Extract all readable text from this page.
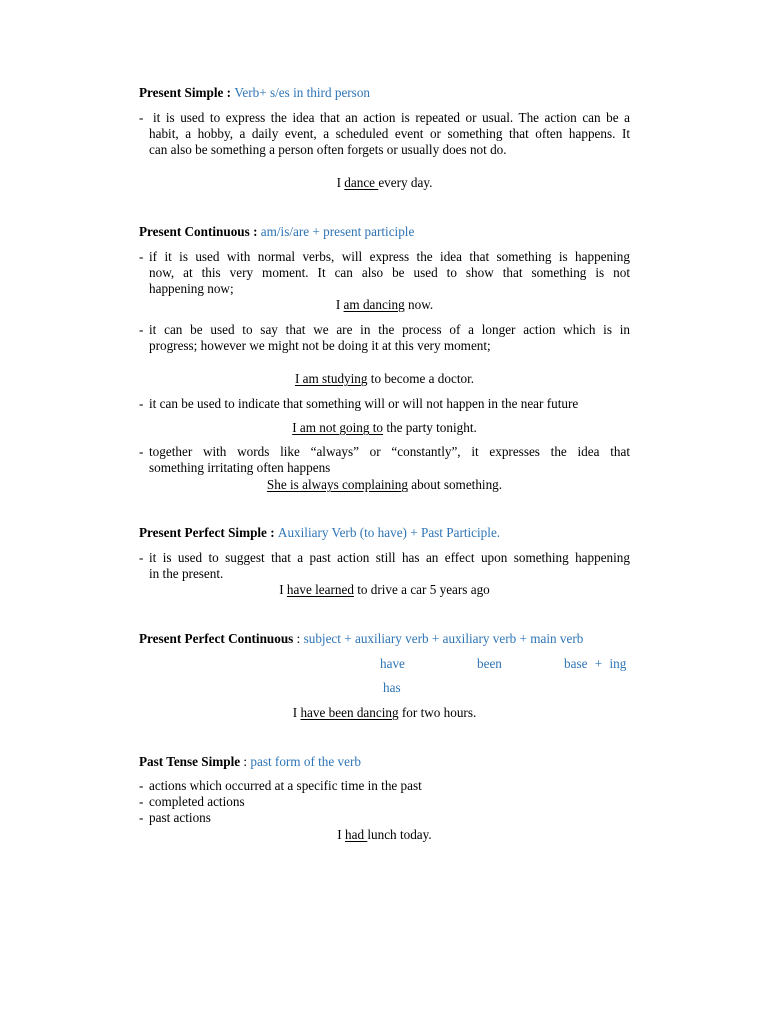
Present Simple : Verb+ s/es in third person
- it is used to express the idea that an action is repeated or usual. The action can be a
habit, a hobby, a daily event, a scheduled event or something that often happens. It
can also be something a person often forgets or usually does not do.
I dance every day.
Present Continuous : am/is/are + present participle
- if it is used with normal verbs, will express the idea that something is happening
now, at this very moment. It can also be used to show that something is not
happening now;
I am dancing now.
- it can be used to say that we are in the process of a longer action which is in
progress; however we might not be doing it at this very moment;
I am studying to become a doctor.
- it can be used to indicate that something will or will not happen in the near future
I am not going to the party tonight.
- together with words like “always” or “constantly”, it expresses the idea that
something irritating often happens
She is always complaining about something.
Present Perfect Simple : Auxiliary Verb (to have) + Past Participle.
- it is used to suggest that a past action still has an effect upon something happening
in the present.
I have learned to drive a car 5 years ago
Present Perfect Continuous : subject + auxiliary verb + auxiliary verb + main verb
have	been	base + ing
has
I have been dancing for two hours.
Past Tense Simple : past form of the verb
- actions which occurred at a specific time in the past
- completed actions
- past actions
I had lunch today.
